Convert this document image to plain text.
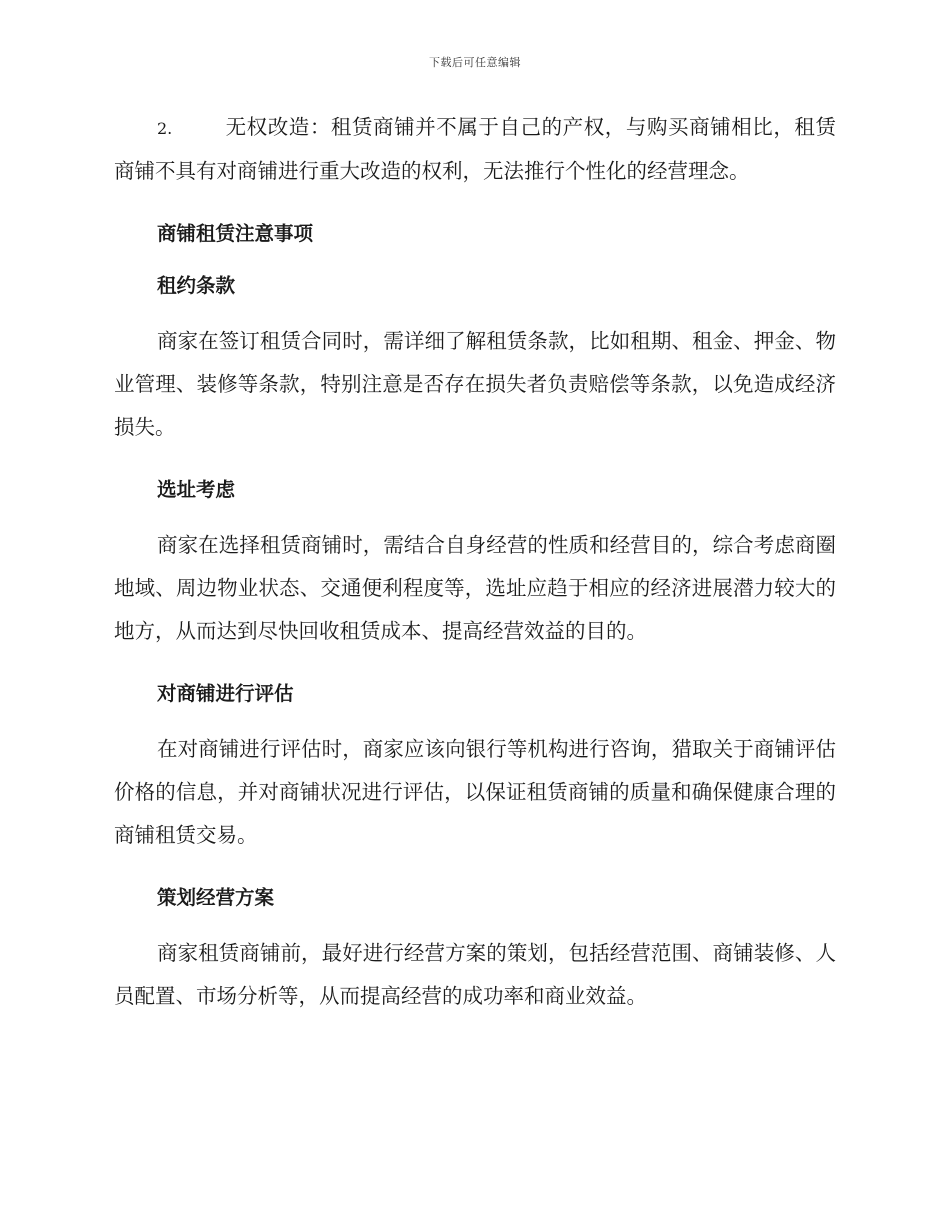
下载后可任意编辑

2.	无权改造：租赁商铺并不属于自己的产权，与购买商铺相比，租赁商铺不具有对商铺进行重大改造的权利，无法推行个性化的经营理念。

商铺租赁注意事项
租约条款

商家在签订租赁合同时，需详细了解租赁条款，比如租期、租金、押金、物业管理、装修等条款，特别注意是否存在损失者负责赔偿等条款，以免造成经济损失。

选址考虑

商家在选择租赁商铺时，需结合自身经营的性质和经营目的，综合考虑商圈地域、周边物业状态、交通便利程度等，选址应趋于相应的经济进展潜力较大的地方，从而达到尽快回收租赁成本、提高经营效益的目的。

对商铺进行评估

在对商铺进行评估时，商家应该向银行等机构进行咨询，猎取关于商铺评估价格的信息，并对商铺状况进行评估，以保证租赁商铺的质量和确保健康合理的商铺租赁交易。

策划经营方案

商家租赁商铺前，最好进行经营方案的策划，包括经营范围、商铺装修、人员配置、市场分析等，从而提高经营的成功率和商业效益。
